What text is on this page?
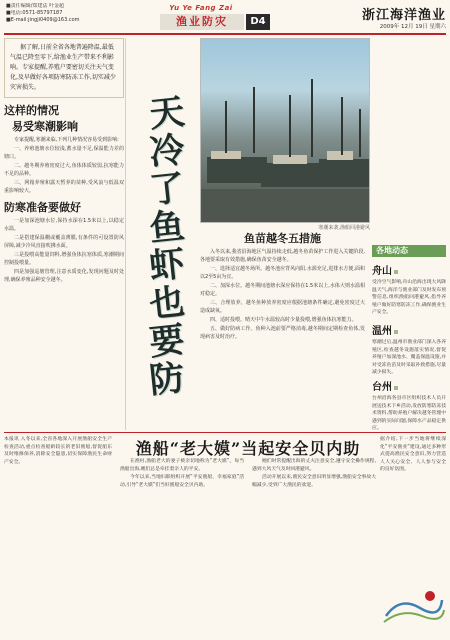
■责任编辑/郑建法 叶金超
■电话:0571-85797187
■E-mail:jingji0409@163.com
Yu Ye Fang Zai
渔业防灾	D4	浙江海洋渔业
2009年 12月 19日 星期六
据了解,日前全省各地普遍降温,最低气温已降至零下,给渔业生产带来不利影响。专家提醒,养殖户要密切关注天气变化,及早做好各项防寒防冻工作,切实减少灾害损失。
这样的情况
易受寒潮影响

专家提醒,寒潮来临,下列几种情况容易受到影响:

一、养殖池塘水位较浅,蓄水量不足,保温能力差的塘口。

二、越冬期养殖密度过大,鱼体体质较弱,抗寒能力不足的品种。

三、网箱养殖和露天暂养的苗种,受风浪与低温双重影响较大。

防寒准备要做好

一是加深池塘水位,保持水深在1.5米以上,以稳定水温。

二是搭建保温棚或覆盖薄膜,有条件的可设置防风屏障,减少冷风直接吹拂水面。

三是投喂高能量饲料,增强鱼体抗寒体质,寒潮期间控制投喂量。

四是加强巡塘管理,注意水质变化,发现问题及时处理,确保养殖品种安全越冬。

天
冷
了
鱼
虾
也
要
防
寒潮来袭,渔船回港避风
鱼苗越冬五措施

入冬以来,我省沿海地区气温持续走低,越冬鱼苗保护工作进入关键阶段,各地要采取有效措施,确保鱼苗安全越冬。

一、选择适宜越冬场所。越冬池应背风向阳,水源充足,进排水方便,面积以2至5亩为宜。

二、加深水位。越冬期间池塘水深应保持在1.5米以上,水体大则水温相对稳定。

三、合理放养。越冬鱼种放养密度应根据池塘条件确定,避免密度过大造成缺氧。

四、适时投喂。晴天中午水温较高时少量投喂,增强鱼体抗寒能力。

五、做好防病工作。鱼种入池前要严格消毒,越冬期间定期检查鱼体,发现病害及时治疗。

各地动态
舟山
受冷空气影响,舟山沿海出现大风降温天气,海洋与渔业部门及时发布预警信息,组织渔船回港避风,指导养殖户做好防寒防冻工作,确保渔业生产安全。
温州
寒潮过后,温州市渔业部门深入各养殖区,检查越冬设施落实情况,督促养殖户加深池水、覆盖保温设施,并对受冻鱼苗及时采取补救措施,尽量减少损失。
台州
台州沿海各县市区组织技术人员开展送技术下乡活动,发放防寒防冻技术资料,帮助养殖户解决越冬管理中遇到的实际问题,保障水产品稳定供应。
本报讯 入冬以来,全省各地深入开展渔船安全生产检查活动,重点检查船龄较长的老旧渔船,督促船东及时维修保养,消除安全隐患,切实保障渔民生命财产安全。
渔船“老大嫫”当起安全贝内助

在渔村,渔船老大的妻子被亲切地称为“老大嫫”。每当渔船出海,她们总是牵挂着亲人的平安。

今年以来,当地妇联组织开展“平安渔船、幸福家庭”活动,引导“老大嫫”们当好渔船安全贝内助。

她们时常提醒出海的丈夫注意安全,遵守安全操作规程,遇到大风天气及时回港避风。

活动开展以来,渔民安全意识明显增强,渔船安全事故大幅减少,受到广大渔民的欢迎。

据介绍,下一步当地将继续深化“平安渔业”建设,通过多种形式提高渔民安全意识,努力营造人人关心安全、人人参与安全的良好氛围。
